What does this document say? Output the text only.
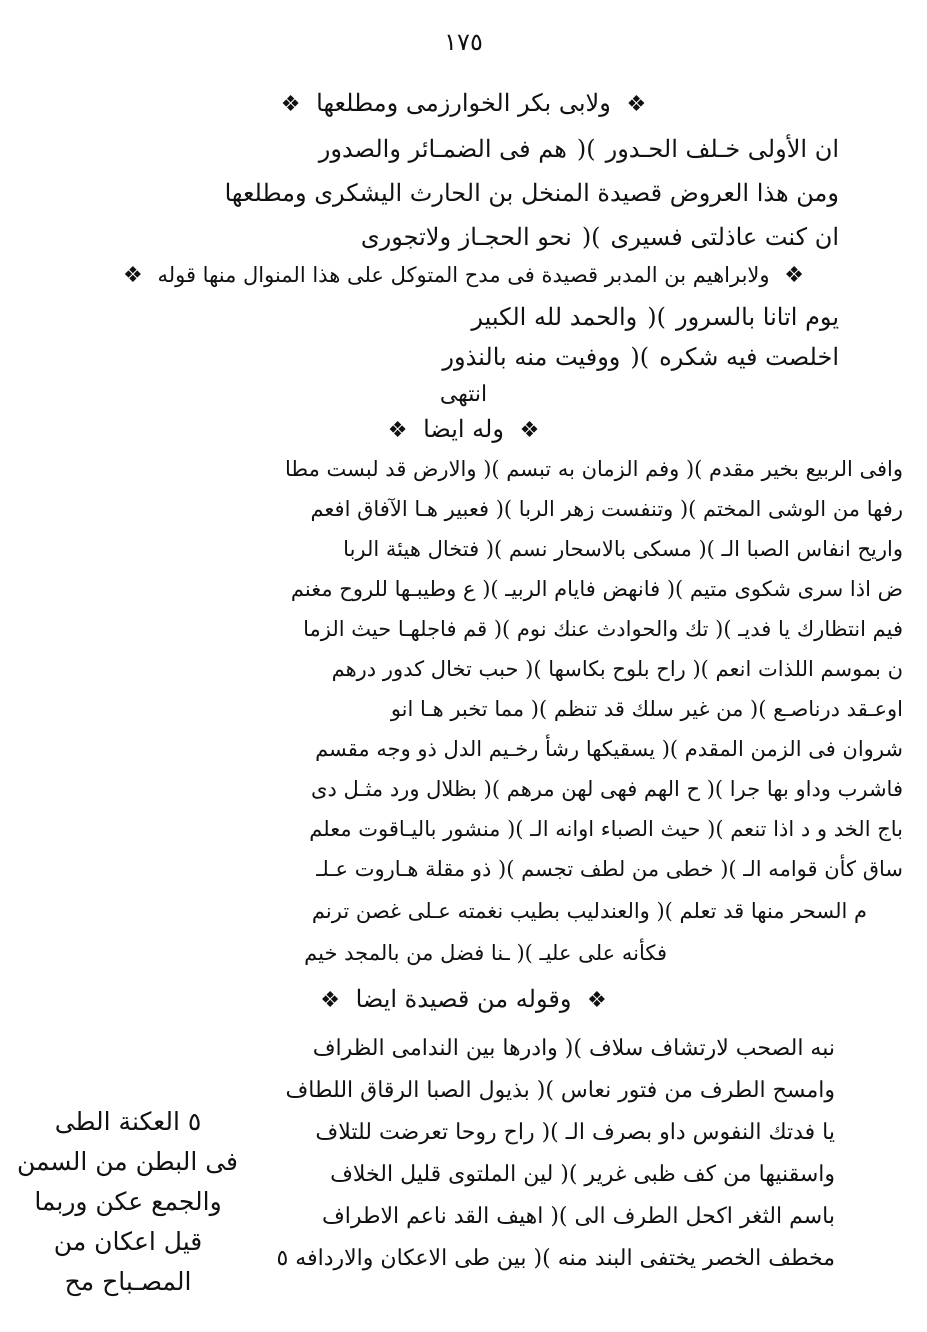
١٧٥
❖ ولابى بكر الخوارزمى ومطلعها ❖
ان الأولى خـلف الحـدور)(هم فى الضمـائر والصدور
ومن هذا العروض قصيدة المنخل بن الحارث اليشكرى ومطلعها
ان كنت عاذلتى فسيرى)(نحو الحجـاز ولاتجورى
❖ ولابراهيم بن المدبر قصيدة فى مدح المتوكل على هذا المنوال منها قوله ❖
يوم اتانا بالسرور)(والحمد لله الكبير
اخلصت فيه شكره)(ووفيت منه بالنذور
انتهى
❖ وله ايضا ❖
وافى الربيع بخير مقدم )( وفم الزمان به تبسم )( والارض قد لبست مطا
رفها من الوشى المختم )( وتنفست زهر الربا )( فعبير هـا الآفاق افعم
واريح انفاس الصبا الـ )( مسكى بالاسحار نسم )( فتخال هيئة الربا
ض اذا سرى شكوى متيم )( فانهض فايام الربيـ )( ع وطيبـها للروح مغنم
فيم انتظارك يا فديـ )( تك والحوادث عنك نوم )( قم فاجلهـا حيث الزما
ن بموسم اللذات انعم )( راح بلوح بكاسها )( حبب تخال كدور درهم
اوعـقد درناصـع )( من غير سلك قد تنظم )( مما تخبر هـا انو
شروان فى الزمن المقدم )( يسقيكها رشأ رخـيم الدل ذو وجه مقسم
فاشرب وداو بها جرا )( ح الهم فهى لهن مرهم )( بظلال ورد مثـل دى
باج الخد و د اذا تنعم )( حيث الصباء اوانه الـ )( منشور باليـاقوت معلم
ساق كأن قوامه الـ )( خطى من لطف تجسم )( ذو مقلة هـاروت عـلـ
م السحر منها قد تعلم )( والعندليب بطيب نغمته عـلى غصن ترنم
فكأنه على عليـ )( ـنا فضل من بالمجد خيم
❖ وقوله من قصيدة ايضا ❖
نبه الصحب لارتشاف سلاف )( وادرها بين الندامى الظراف
وامسح الطرف من فتور نعاس )( بذيول الصبا الرقاق اللطاف
يا فدتك النفوس داو بصرف الـ )( راح روحا تعرضت للتلاف
واسقنيها من كف ظبى غرير )( لين الملتوى قليل الخلاف
باسم الثغر اكحل الطرف الى )( اهيف القد ناعم الاطراف
مخطف الخصر يختفى البند منه )( بين طى الاعكان والاردافه ٥
٥ العكنة الطى
فى البطن من السمن
والجمع عكن وربما
قيل اعكان من
المصـباح مح
